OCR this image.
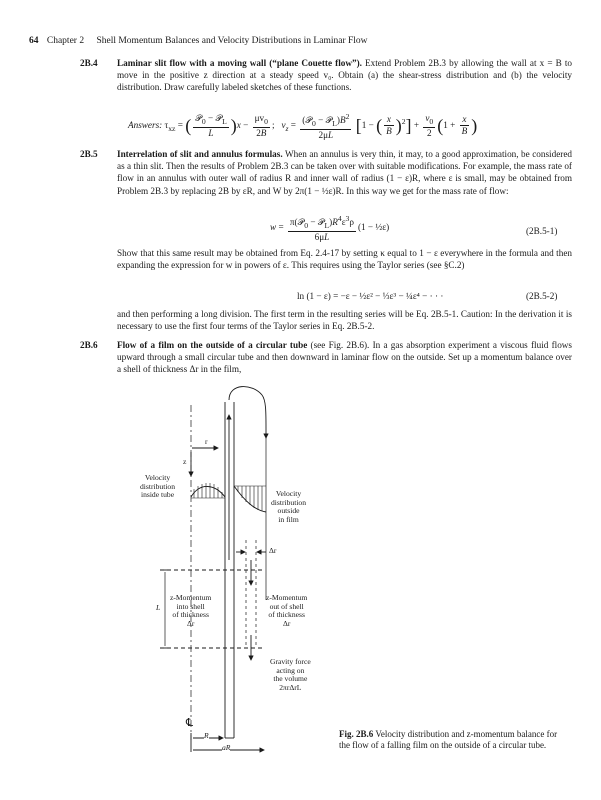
64 Chapter 2 Shell Momentum Balances and Velocity Distributions in Laminar Flow
2B.4 Laminar slit flow with a moving wall (“plane Couette flow”). Extend Problem 2B.3 by allowing the wall at x = B to move in the positive z direction at a steady speed v₀. Obtain (a) the shear-stress distribution and (b) the velocity distribution. Draw carefully labeled sketches of these functions.
Answers: $\tau_{xz}$ = ( $\frac{𝒫_0 - 𝒫_L}{L} )x - \frac{\mu v_0}{2B}$ ;   $v_z = \frac{(𝒫_0 - 𝒫_L)B^2}{2\mu L} [1$ − ( $\frac{x}{B} )^2] + \frac{v_0}{2} (1 + \frac{x}{B}$ )
2B.5 Interrelation of slit and annulus formulas. When an annulus is very thin, it may, to a good approximation, be considered as a thin slit. Then the results of Problem 2B.3 can be taken over with suitable modifications. For example, the mass rate of flow in an annulus with outer wall of radius R and inner wall of radius (1 − ε)R, where ε is small, may be obtained from Problem 2B.3 by replacing 2B by εR, and W by 2π(1 − ½ε)R. In this way we get for the mass rate of flow:
$w = \frac{\pi(𝒫_0 - 𝒫_L)R^4\varepsilon^3\rho}{6\mu L} (1$ − ½ε)	(2B.5-1)
Show that this same result may be obtained from Eq. 2.4-17 by setting κ equal to 1 − ε everywhere in the formula and then expanding the expression for w in powers of ε. This requires using the Taylor series (see §C.2)
ln (1 − ε) = −ε − ½ε² − ⅓ε³ − ¼ε⁴ − · · ·	(2B.5-2)
and then performing a long division. The first term in the resulting series will be Eq. 2B.5-1. Caution: In the derivation it is necessary to use the first four terms of the Taylor series in Eq. 2B.5-2.
2B.6 Flow of a film on the outside of a circular tube (see Fig. 2B.6). In a gas absorption experiment a viscous fluid flows upward through a small circular tube and then downward in laminar flow on the outside. Set up a momentum balance over a shell of thickness Δr in the film,
r
z
Velocity
distribution
inside tube	Velocity
distribution
outside
in film
Δr
z-Momentum
into shell
of thickness
Δr
z-Momentum
out of shell
of thickness
Δr
L
Gravity force
acting on
the volume
2πrΔrL
℄
R
aR
Fig. 2B.6 Velocity distribution and z-momentum balance for the flow of a falling film on the outside of a circular tube.
